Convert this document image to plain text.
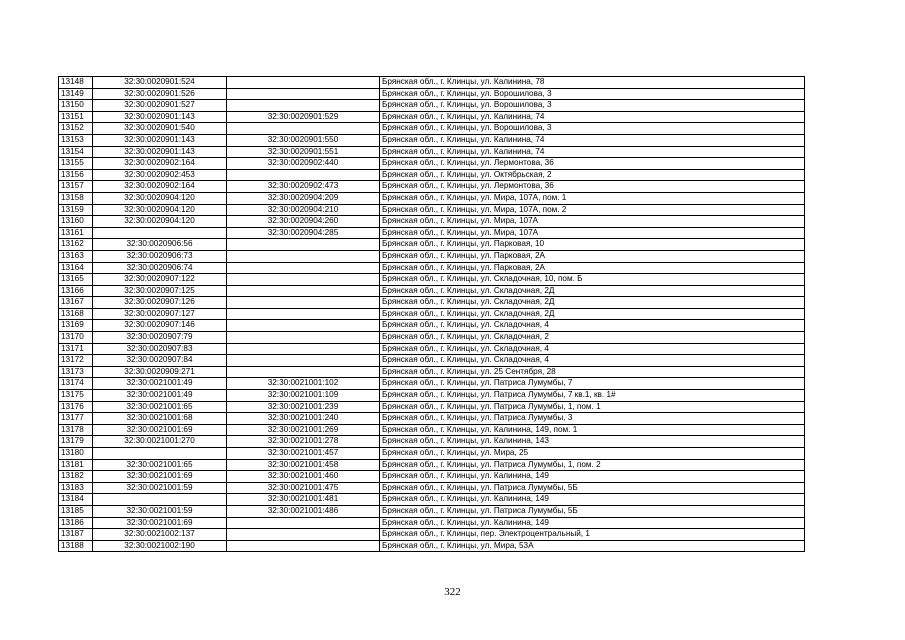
13148	32:30:0020901:524		Брянская обл., г. Клинцы, ул. Калинина, 78
13149	32:30:0020901:526		Брянская обл., г. Клинцы, ул. Ворошилова, 3
13150	32:30:0020901:527		Брянская обл., г. Клинцы, ул. Ворошилова, 3
13151	32:30:0020901:143	32:30:0020901:529	Брянская обл., г. Клинцы, ул. Калинина, 74
13152	32:30:0020901:540		Брянская обл., г. Клинцы, ул. Ворошилова, 3
13153	32:30:0020901:143	32:30:0020901:550	Брянская обл., г. Клинцы, ул. Калинина, 74
13154	32:30:0020901:143	32:30:0020901:551	Брянская обл., г. Клинцы, ул. Калинина, 74
13155	32:30:0020902:164	32:30:0020902:440	Брянская обл., г. Клинцы, ул. Лермонтова, 36
13156	32:30:0020902:453		Брянская обл., г. Клинцы, ул. Октябрьская, 2
13157	32:30:0020902:164	32:30:0020902:473	Брянская обл., г. Клинцы, ул. Лермонтова, 36
13158	32:30:0020904:120	32:30:0020904:209	Брянская обл., г. Клинцы, ул. Мира, 107А, пом. 1
13159	32:30:0020904:120	32:30:0020904:210	Брянская обл., г. Клинцы, ул. Мира, 107А, пом. 2
13160	32:30:0020904:120	32:30:0020904:260	Брянская обл., г. Клинцы, ул. Мира, 107А
13161		32:30:0020904:285	Брянская обл., г. Клинцы, ул. Мира, 107А
13162	32:30:0020906:56		Брянская обл., г. Клинцы, ул. Парковая, 10
13163	32:30:0020906:73		Брянская обл., г. Клинцы, ул. Парковая, 2А
13164	32:30:0020906:74		Брянская обл., г. Клинцы, ул. Парковая, 2А
13165	32:30:0020907:122		Брянская обл., г. Клинцы, ул. Складочная, 10, пом. Б
13166	32:30:0020907:125		Брянская обл., г. Клинцы, ул. Складочная, 2Д
13167	32:30:0020907:126		Брянская обл., г. Клинцы, ул. Складочная, 2Д
13168	32:30:0020907:127		Брянская обл., г. Клинцы, ул. Складочная, 2Д
13169	32:30:0020907:146		Брянская обл., г. Клинцы, ул. Складочная, 4
13170	32:30:0020907:79		Брянская обл., г. Клинцы, ул. Складочная, 2
13171	32:30:0020907:83		Брянская обл., г. Клинцы, ул. Складочная, 4
13172	32:30:0020907:84		Брянская обл., г. Клинцы, ул. Складочная, 4
13173	32:30:0020909:271		Брянская обл., г. Клинцы, ул. 25 Сентября, 28
13174	32:30:0021001:49	32:30:0021001:102	Брянская обл., г. Клинцы, ул. Патриса Лумумбы, 7
13175	32:30:0021001:49	32:30:0021001:109	Брянская обл., г. Клинцы, ул. Патриса Лумумбы, 7 кв.1, кв. 1#
13176	32:30:0021001:65	32:30:0021001:239	Брянская обл., г. Клинцы, ул. Патриса Лумумбы, 1, пом. 1
13177	32:30:0021001:68	32:30:0021001:240	Брянская обл., г. Клинцы, ул. Патриса Лумумбы, 3
13178	32:30:0021001:69	32:30:0021001:269	Брянская обл., г. Клинцы, ул. Калинина, 149, пом. 1
13179	32:30:0021001:270	32:30:0021001:278	Брянская обл., г. Клинцы, ул. Калинина, 143
13180		32:30:0021001:457	Брянская обл., г. Клинцы, ул. Мира, 25
13181	32:30:0021001:65	32:30:0021001:458	Брянская обл., г. Клинцы, ул. Патриса Лумумбы, 1, пом. 2
13182	32:30:0021001:69	32:30:0021001:460	Брянская обл., г. Клинцы, ул. Калинина, 149
13183	32:30:0021001:59	32:30:0021001:475	Брянская обл., г. Клинцы, ул. Патриса Лумумбы, 5Б
13184		32:30:0021001:481	Брянская обл., г. Клинцы, ул. Калинина, 149
13185	32:30:0021001:59	32:30:0021001:486	Брянская обл., г. Клинцы, ул. Патриса Лумумбы, 5Б
13186	32:30:0021001:69		Брянская обл., г. Клинцы, ул. Калинина, 149
13187	32:30:0021002:137		Брянская обл., г. Клинцы, пер. Электроцентральный, 1
13188	32:30:0021002:190		Брянская обл., г. Клинцы, ул. Мира, 53А
322
